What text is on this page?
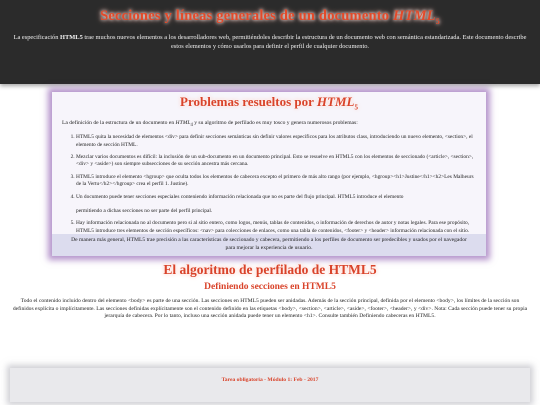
Secciones y líneas generales de un documento $HTML_5$

La especificación HTML5 trae muchos nuevos elementos a los desarrolladores web, permitiéndoles describir la estructura de un documento web con semántica estandarizada. Este documento describe estos elementos y cómo usarlos para definir el perfil de cualquier documento.

Problemas resueltos por $HTML_5$

La definición de la estructura de un documento en $HTML_4$ y su algoritmo de perfilado es muy tosco y genera numerosos problemas:

1. HTML5 quita la necesidad de elementos <div> para definir secciones semánticas sin definir valores específicos para los atributos class, introduciendo un nuevo elemento, <section>, el elemento de sección HTML.
2. Mezclar varios documentos es difícil: la inclusión de un sub-documento en un documento principal. Esto se resuelve en HTML5 con los elementos de seccionado (<article>, <section>, <div> y <aside>) son siempre subsecciones de su sección ancestra más cercana.
3. HTML5 introduce el elemento <hgroup> que oculta todos los elementos de cabecera excepto el primero de más alto rango (por ejemplo, <hgroup><h1>Justine</h1><h2>Les Malheurs de la Vertu</h2></hgroup> crea el perfil 1. Justine).
4. Un documento puede tener secciones especiales conteniendo información relacionada que no es parte del flujo principal. HTML5 introduce el elemento
permitiendo a dichas secciones no ser parte del perfil principal.
5. Hay información relacionada no al documento pero si al sitio entero, como logos, menús, tablas de contenidos, o información de derechos de autor y notas legales. Para ese propósito, HTML5 introduce tres elementos de sección específicos: <nav> para colecciones de enlaces, como una tabla de contenidos, <footer> y <header> información relacionada con el sitio.
De manera más general, HTML5 trae precisión a las características de seccionado y cabecera, permitiendo a los perfiles de documento ser predecibles y usados por el navegador para mejorar la experiencia de usuario.
El algoritmo de perfilado de HTML5
Definiendo secciones en HTML5

Todo el contenido incluido dentro del elemento <body> es parte de una sección. Las secciones en HTML5 pueden ser anidadas. Además de la sección principal, definida por el elemento <body>, los límites de la sección son definidos explícita o implícitamente. Las secciones definidas explícitamente son el contenido definido en las etiquetas <body>, <section>, <article>, <aside>, <footer>, <header>, y <div>. Nota: Cada sección puede tener su propia jerarquía de cabecera. Por lo tanto, incluso una sección anidada puede tener un elemento <h1>. Consulte también Definiendo cabeceras en HTML5.

Tarea obligatoria - Módulo 1: Feb - 2017
